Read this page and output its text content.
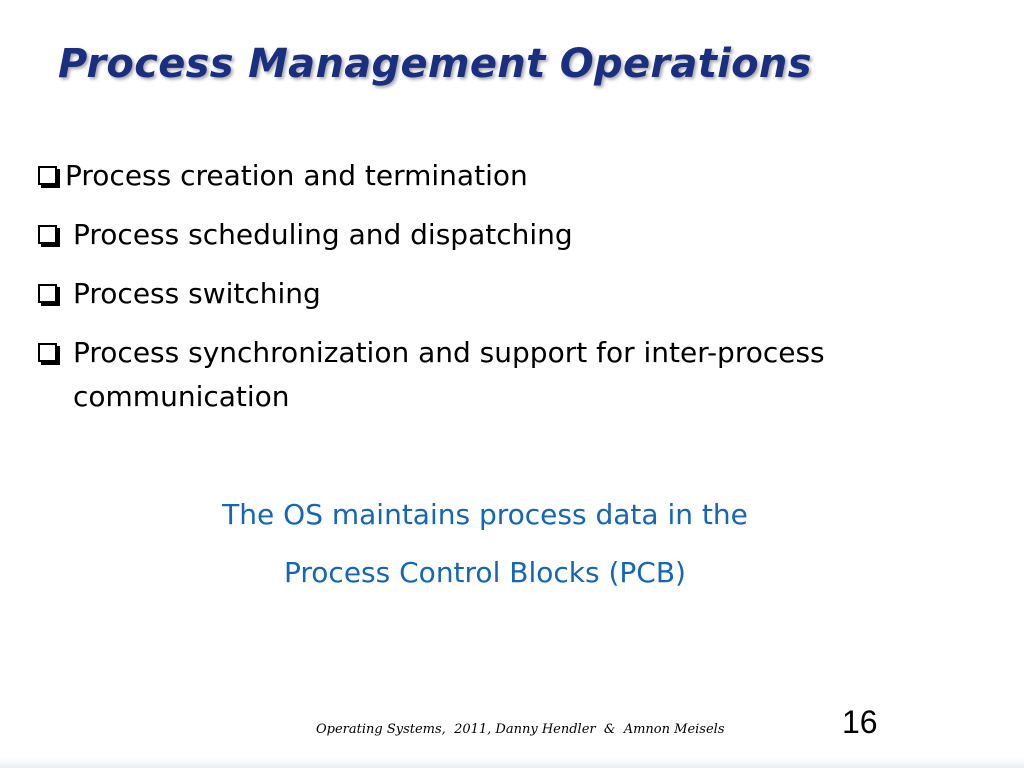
Process Management Operations
Process creation and termination
Process scheduling and dispatching
Process switching
Process synchronization and support for inter-process communication
The OS maintains process data in the
Process Control Blocks (PCB)
Operating Systems,  2011, Danny Hendler  &  Amnon Meisels	16
